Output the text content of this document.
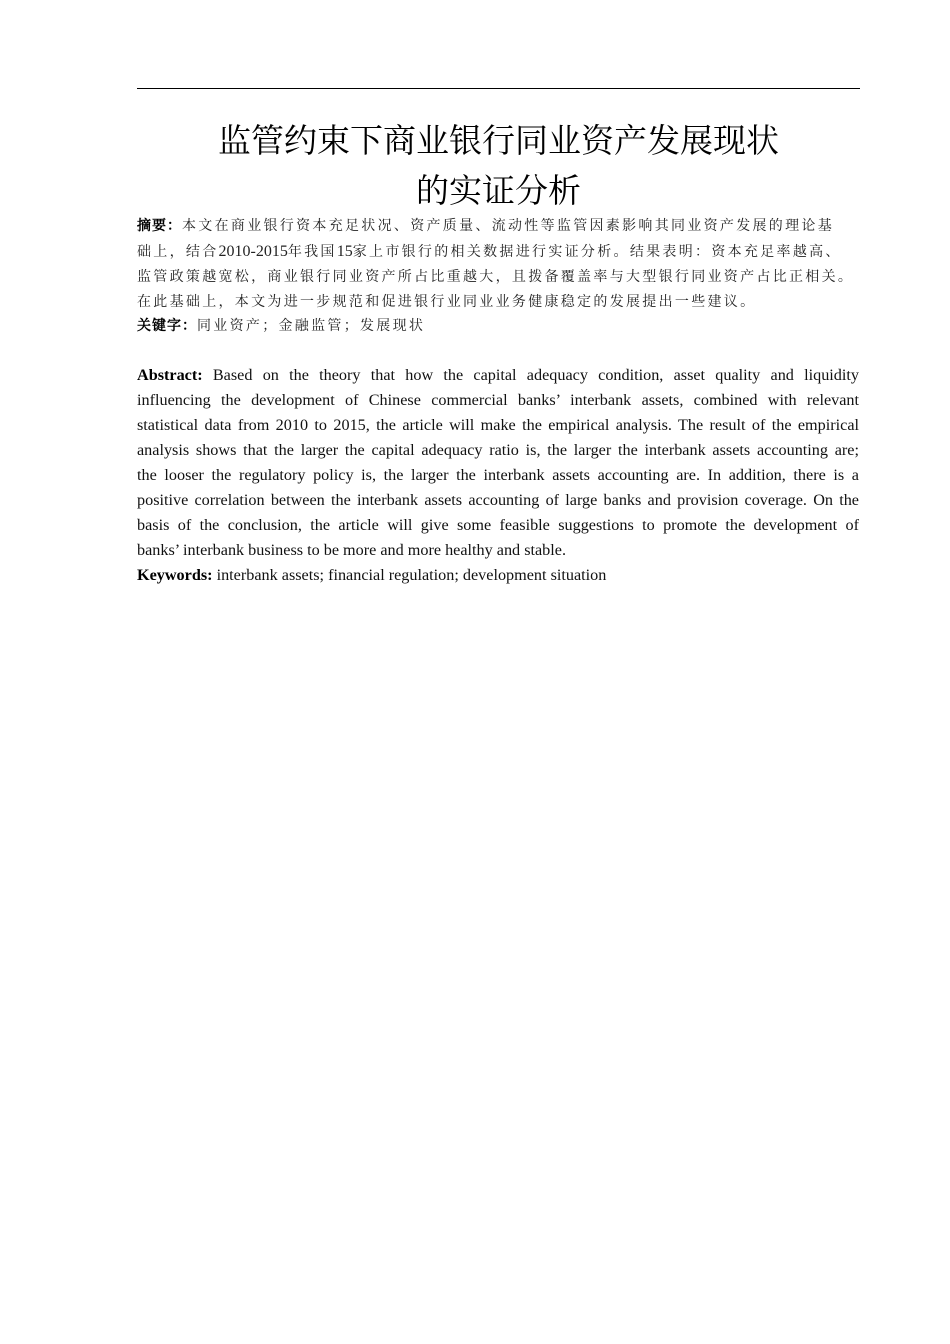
监管约束下商业银行同业资产发展现状
的实证分析
摘要：本文在商业银行资本充足状况、资产质量、流动性等监管因素影响其同业资产发展的理论基
础上，结合2010-2015年我国15家上市银行的相关数据进行实证分析。结果表明：资本充足率越高、
监管政策越宽松，商业银行同业资产所占比重越大，且拨备覆盖率与大型银行同业资产占比正相关。
在此基础上，本文为进一步规范和促进银行业同业业务健康稳定的发展提出一些建议。
关键字：同业资产；金融监管；发展现状
Abstract: Based on the theory that how the capital adequacy condition, asset quality and liquidity
influencing the development of Chinese commercial banks’ interbank assets, combined with relevant
statistical data from 2010 to 2015, the article will make the empirical analysis. The result of the empirical
analysis shows that the larger the capital adequacy ratio is, the larger the interbank assets accounting are;
the looser the regulatory policy is, the larger the interbank assets accounting are. In addition, there is a
positive correlation between the interbank assets accounting of large banks and provision coverage. On the
basis of the conclusion, the article will give some feasible suggestions to promote the development of
banks’ interbank business to be more and more healthy and stable.
Keywords: interbank assets; financial regulation; development situation
